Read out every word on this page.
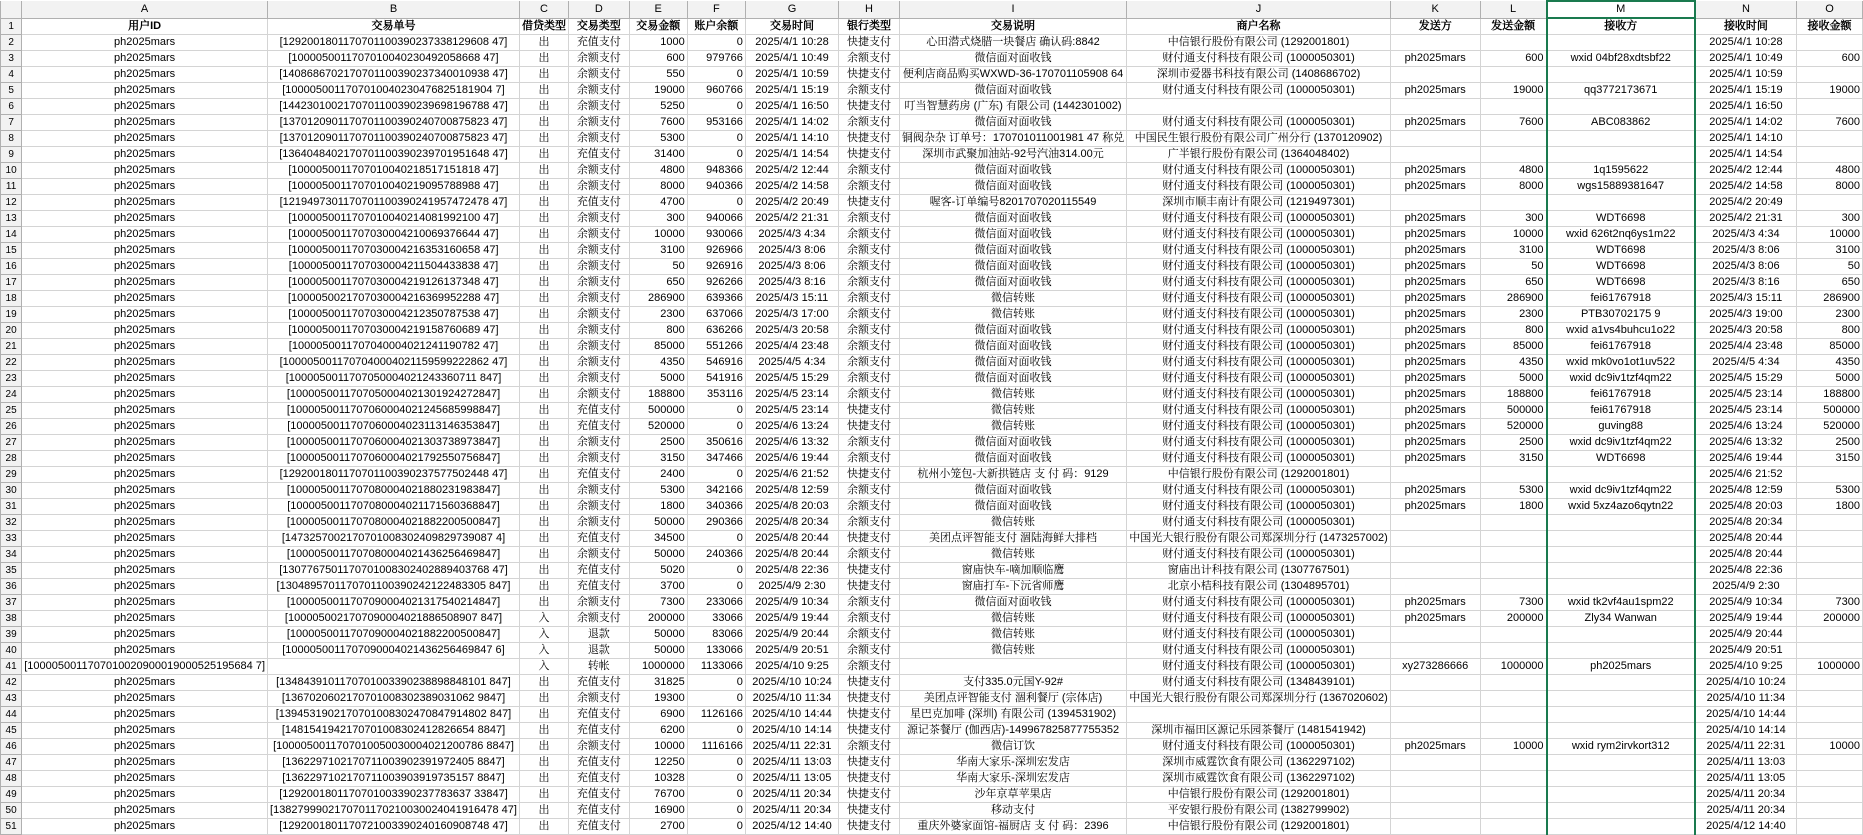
	A	B	C	D	E	F	G	H	I	J	K	L	M	N	O
1	用户ID	交易单号	借贷类型	交易类型	交易金额	账户余额	交易时间	银行类型	交易说明	商户名称	发送方	发送金额	接收方	接收时间	接收金额
2	ph2025mars	[1292001801170701100390237338129608 47]	出	充值支付	1000	0	2025/4/1 10:28	快捷支付	心田潜式烧腊一块餐店 确认码:8842	中信银行股份有限公司 (1292001801)				2025/4/1 10:28	
3	ph2025mars	[1000050011707010040230492058668 47]	出	余额支付	600	979766	2025/4/1 10:49	余额支付	微信面对面收钱	财付通支付科技有限公司 (1000050301)	ph2025mars	600	wxid 04bf28xdtsbf22	2025/4/1 10:49	600
4	ph2025mars	[1408686702170701100390237340010938 47]	出	余额支付	550	0	2025/4/1 10:59	快捷支付	便利店商品购买WXWD-36-170701105908 64	深圳市爱器书科技有限公司 (1408686702)				2025/4/1 10:59	
5	ph2025mars	[1000050011707010040230476825181904 7]	出	余额支付	19000	960766	2025/4/1 15:19	余额支付	微信面对面收钱	财付通支付科技有限公司 (1000050301)	ph2025mars	19000	qq3772173671	2025/4/1 15:19	19000
6	ph2025mars	[1442301002170701100390239698196788 47]	出	余额支付	5250	0	2025/4/1 16:50	快捷支付	叮当智慧药房 (广东) 有限公司 (1442301002)					2025/4/1 16:50	
7	ph2025mars	[1370120901170701100390240700875823 47]	出	余额支付	7600	953166	2025/4/1 14:02	余额支付	微信面对面收钱	财付通支付科技有限公司 (1000050301)	ph2025mars	7600	ABC083862	2025/4/1 14:02	7600
8	ph2025mars	[1370120901170701100390240700875823 47]	出	余额支付	5300	0	2025/4/1 14:10	快捷支付	铜阀杂杂 订单号：170701011001981 47 称兑	中国民生银行股份有限公司广州分行 (1370120902)				2025/4/1 14:10	
9	ph2025mars	[1364048402170701100390239701951648 47]	出	充值支付	31400	0	2025/4/1 14:54	快捷支付	深圳市武聚加油站-92号汽油314.00元	广半银行股份有限公司 (1364048402)				2025/4/1 14:54	
10	ph2025mars	[1000050011707010040218517151818 47]	出	余额支付	4800	948366	2025/4/2 12:44	余额支付	微信面对面收钱	财付通支付科技有限公司 (1000050301)	ph2025mars	4800	1q1595622	2025/4/2 12:44	4800
11	ph2025mars	[1000050011707010040219095788988 47]	出	余额支付	8000	940366	2025/4/2 14:58	余额支付	微信面对面收钱	财付通支付科技有限公司 (1000050301)	ph2025mars	8000	wgs15889381647	2025/4/2 14:58	8000
12	ph2025mars	[1219497301170701100390241957472478 47]	出	充值支付	4700	0	2025/4/2 20:49	快捷支付	喔客-订单编号8201707020115549	深圳市顺丰南计有限公司 (1219497301)				2025/4/2 20:49	
13	ph2025mars	[1000050011707010040214081992100 47]	出	余额支付	300	940066	2025/4/2 21:31	余额支付	微信面对面收钱	财付通支付科技有限公司 (1000050301)	ph2025mars	300	WDT6698	2025/4/2 21:31	300
14	ph2025mars	[1000050011707030004210069376644 47]	出	余额支付	10000	930066	2025/4/3 4:34	余额支付	微信面对面收钱	财付通支付科技有限公司 (1000050301)	ph2025mars	10000	wxid 626t2nq6ys1m22	2025/4/3 4:34	10000
15	ph2025mars	[1000050011707030004216353160658 47]	出	余额支付	3100	926966	2025/4/3 8:06	余额支付	微信面对面收钱	财付通支付科技有限公司 (1000050301)	ph2025mars	3100	WDT6698	2025/4/3 8:06	3100
16	ph2025mars	[1000050011707030004211504433838 47]	出	余额支付	50	926916	2025/4/3 8:06	余额支付	微信面对面收钱	财付通支付科技有限公司 (1000050301)	ph2025mars	50	WDT6698	2025/4/3 8:06	50
17	ph2025mars	[1000050011707030004219126137348 47]	出	余额支付	650	926266	2025/4/3 8:16	余额支付	微信面对面收钱	财付通支付科技有限公司 (1000050301)	ph2025mars	650	WDT6698	2025/4/3 8:16	650
18	ph2025mars	[1000050021707030004216369952288 47]	出	余额支付	286900	639366	2025/4/3 15:11	余额支付	微信转账	财付通支付科技有限公司 (1000050301)	ph2025mars	286900	fei61767918	2025/4/3 15:11	286900
19	ph2025mars	[1000050011707030004212350787538 47]	出	余额支付	2300	637066	2025/4/3 17:00	余额支付	微信转账	财付通支付科技有限公司 (1000050301)	ph2025mars	2300	PTB30702175 9	2025/4/3 19:00	2300
20	ph2025mars	[1000050011707030004219158760689 47]	出	余额支付	800	636266	2025/4/3 20:58	余额支付	微信面对面收钱	财付通支付科技有限公司 (1000050301)	ph2025mars	800	wxid a1vs4buhcu1o22	2025/4/3 20:58	800
21	ph2025mars	[1000050011707040004021241190782 47]	出	余额支付	85000	551266	2025/4/4 23:48	余额支付	微信面对面收钱	财付通支付科技有限公司 (1000050301)	ph2025mars	85000	fei61767918	2025/4/4 23:48	85000
22	ph2025mars	[1000050011707040004021159599222862 47]	出	余额支付	4350	546916	2025/4/5 4:34	余额支付	微信面对面收钱	财付通支付科技有限公司 (1000050301)	ph2025mars	4350	wxid mk0vo1ot1uv522	2025/4/5 4:34	4350
23	ph2025mars	[1000050011707050004021243360711 847]	出	余额支付	5000	541916	2025/4/5 15:29	余额支付	微信面对面收钱	财付通支付科技有限公司 (1000050301)	ph2025mars	5000	wxid dc9iv1tzf4qm22	2025/4/5 15:29	5000
24	ph2025mars	[1000050011707050004021301924272847]	出	余额支付	188800	353116	2025/4/5 23:14	余额支付	微信转账	财付通支付科技有限公司 (1000050301)	ph2025mars	188800	fei61767918	2025/4/5 23:14	188800
25	ph2025mars	[1000050011707060004021245685998847]	出	充值支付	500000	0	2025/4/5 23:14	快捷支付	微信转账	财付通支付科技有限公司 (1000050301)	ph2025mars	500000	fei61767918	2025/4/5 23:14	500000
26	ph2025mars	[1000050011707060004023113146353847]	出	充值支付	520000	0	2025/4/6 13:24	快捷支付	微信转账	财付通支付科技有限公司 (1000050301)	ph2025mars	520000	guving88	2025/4/6 13:24	520000
27	ph2025mars	[1000050011707060004021303738973847]	出	余额支付	2500	350616	2025/4/6 13:32	余额支付	微信面对面收钱	财付通支付科技有限公司 (1000050301)	ph2025mars	2500	wxid dc9iv1tzf4qm22	2025/4/6 13:32	2500
28	ph2025mars	[1000050011707060004021792550756847]	出	余额支付	3150	347466	2025/4/6 19:44	余额支付	微信面对面收钱	财付通支付科技有限公司 (1000050301)	ph2025mars	3150	WDT6698	2025/4/6 19:44	3150
29	ph2025mars	[1292001801170701100390237577502448 47]	出	充值支付	2400	0	2025/4/6 21:52	快捷支付	杭州小笼包-大新拱链店 支 付 码：9129	中信银行股份有限公司 (1292001801)				2025/4/6 21:52	
30	ph2025mars	[1000050011707080004021880231983847]	出	余额支付	5300	342166	2025/4/8 12:59	余额支付	微信面对面收钱	财付通支付科技有限公司 (1000050301)	ph2025mars	5300	wxid dc9iv1tzf4qm22	2025/4/8 12:59	5300
31	ph2025mars	[1000050011707080004021171560368847]	出	余额支付	1800	340366	2025/4/8 20:03	余额支付	微信面对面收钱	财付通支付科技有限公司 (1000050301)	ph2025mars	1800	wxid 5xz4azo6qytn22	2025/4/8 20:03	1800
32	ph2025mars	[1000050011707080004021882200500847]	出	余额支付	50000	290366	2025/4/8 20:34	余额支付	微信转账	财付通支付科技有限公司 (1000050301)				2025/4/8 20:34	
33	ph2025mars	[1473257002170701008302409829739087 4]	出	充值支付	34500	0	2025/4/8 20:44	快捷支付	美团点评智能支付 涸陆海鲜大排档	中国光大银行股份有限公司郑深圳分行 (1473257002)				2025/4/8 20:44	
34	ph2025mars	[1000050011707080004021436256469847]	出	余额支付	50000	240366	2025/4/8 20:44	余额支付	微信转账	财付通支付科技有限公司 (1000050301)				2025/4/8 20:44	
35	ph2025mars	[1307767501170701008302402889403768 47]	出	充值支付	5020	0	2025/4/8 22:36	快捷支付	窗庙快车-嘀加顺临鹰	窗庙出计科技有限公司 (1307767501)				2025/4/8 22:36	
36	ph2025mars	[1304895701170701100390242122483305 847]	出	充值支付	3700	0	2025/4/9 2:30	快捷支付	窗庙打车-下沅省师鹰	北京小桔科技有限公司 (1304895701)				2025/4/9 2:30	
37	ph2025mars	[1000050011707090004021317540214847]	出	余额支付	7300	233066	2025/4/9 10:34	余额支付	微信面对面收钱	财付通支付科技有限公司 (1000050301)	ph2025mars	7300	wxid tk2vf4au1spm22	2025/4/9 10:34	7300
38	ph2025mars	[1000050021707090004021886508907 847]	入	余额支付	200000	33066	2025/4/9 19:44	余额支付	微信转账	财付通支付科技有限公司 (1000050301)	ph2025mars	200000	Zly34 Wanwan	2025/4/9 19:44	200000
39	ph2025mars	[1000050011707090004021882200500847]	入	退款	50000	83066	2025/4/9 20:44	余额支付	微信转账	财付通支付科技有限公司 (1000050301)				2025/4/9 20:44	
40	ph2025mars	[1000050011707090004021436256469847 6]	入	退款	50000	133066	2025/4/9 20:51	余额支付	微信转账	财付通支付科技有限公司 (1000050301)				2025/4/9 20:51	
41	[1000050011707010020900019000525195684 7]		入	转帐	1000000	1133066	2025/4/10 9:25	余额支付		财付通支付科技有限公司 (1000050301)	xy273286666	1000000	ph2025mars	2025/4/10 9:25	1000000
42	ph2025mars	[1348439101170701003390238898848101 847]	出	充值支付	31825	0	2025/4/10 10:24	快捷支付	支付335.0元国Y-92#	财付通支付科技有限公司 (1348439101)				2025/4/10 10:24	
43	ph2025mars	[1367020602170701008302389031062 9847]	出	余额支付	19300	0	2025/4/10 11:34	快捷支付	美团点评智能支付 涸利餐厅 (宗体店)	中国光大银行股份有限公司郑深圳分行 (1367020602)				2025/4/10 11:34	
44	ph2025mars	[1394531902170701008302470847914802 847]	出	充值支付	6900	1126166	2025/4/10 14:44	快捷支付	星巴克加啡 (深圳) 有限公司 (1394531902)					2025/4/10 14:44	
45	ph2025mars	[1481541942170701008302412826654 8847]	出	充值支付	6200	0	2025/4/10 14:14	快捷支付	源记茶餐厅 (伽西店)-149967825877755352	深圳市福田区源记乐园茶餐厅 (1481541942)				2025/4/10 14:14	
46	ph2025mars	[1000050011707010050030004021200786 8847]	出	余额支付	10000	1116166	2025/4/11 22:31	余额支付	微信订饮	财付通支付科技有限公司 (1000050301)	ph2025mars	10000	wxid rym2irvkort312	2025/4/11 22:31	10000
47	ph2025mars	[1362297102170711003902391972405 8847]	出	充值支付	12250	0	2025/4/11 13:03	快捷支付	华南大家乐-深圳宏发店	深圳市威霆饮食有限公司 (1362297102)				2025/4/11 13:03	
48	ph2025mars	[1362297102170711003903919735157 8847]	出	充值支付	10328	0	2025/4/11 13:05	快捷支付	华南大家乐-深圳宏发店	深圳市威霆饮食有限公司 (1362297102)				2025/4/11 13:05	
49	ph2025mars	[1292001801170701003390237783637 33847]	出	充值支付	76700	0	2025/4/11 20:34	快捷支付	沙年京草苹果店	中信银行股份有限公司 (1292001801)				2025/4/11 20:34	
50	ph2025mars	[1382799902170701170210030024041916478 47]	出	充值支付	16900	0	2025/4/11 20:34	快捷支付	移动支付	平安银行股份有限公司 (1382799902)				2025/4/11 20:34	
51	ph2025mars	[1292001801170721003390240160908748 47]	出	充值支付	2700	0	2025/4/12 14:40	快捷支付	重庆外婆家面馆-福厨店 支 付 码：2396	中信银行股份有限公司 (1292001801)				2025/4/12 14:40	
